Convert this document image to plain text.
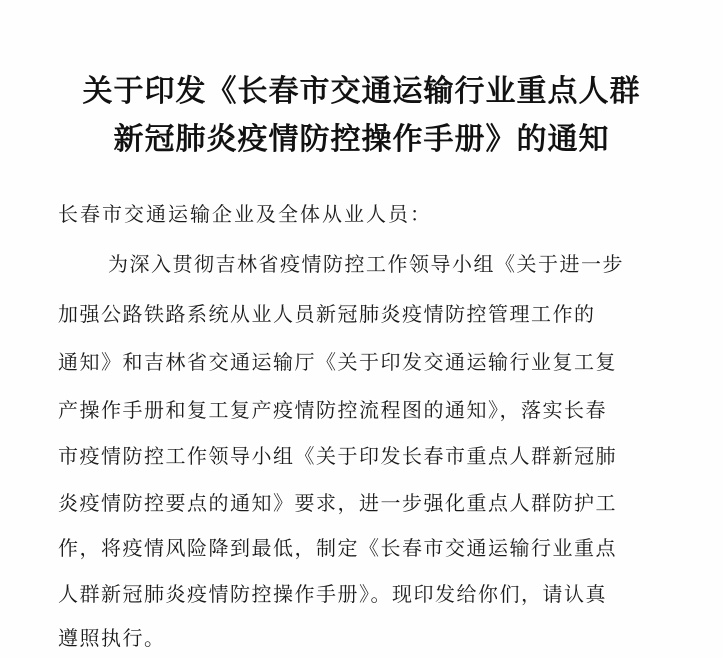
关于印发《长春市交通运输行业重点人群
新冠肺炎疫情防控操作手册》的通知
长春市交通运输企业及全体从业人员：
为深入贯彻吉林省疫情防控工作领导小组《关于进一步
加强公路铁路系统从业人员新冠肺炎疫情防控管理工作的
通知》和吉林省交通运输厅《关于印发交通运输行业复工复
产操作手册和复工复产疫情防控流程图的通知》，落实长春
市疫情防控工作领导小组《关于印发长春市重点人群新冠肺
炎疫情防控要点的通知》要求，进一步强化重点人群防护工
作，将疫情风险降到最低，制定《长春市交通运输行业重点
人群新冠肺炎疫情防控操作手册》。现印发给你们，请认真
遵照执行。
